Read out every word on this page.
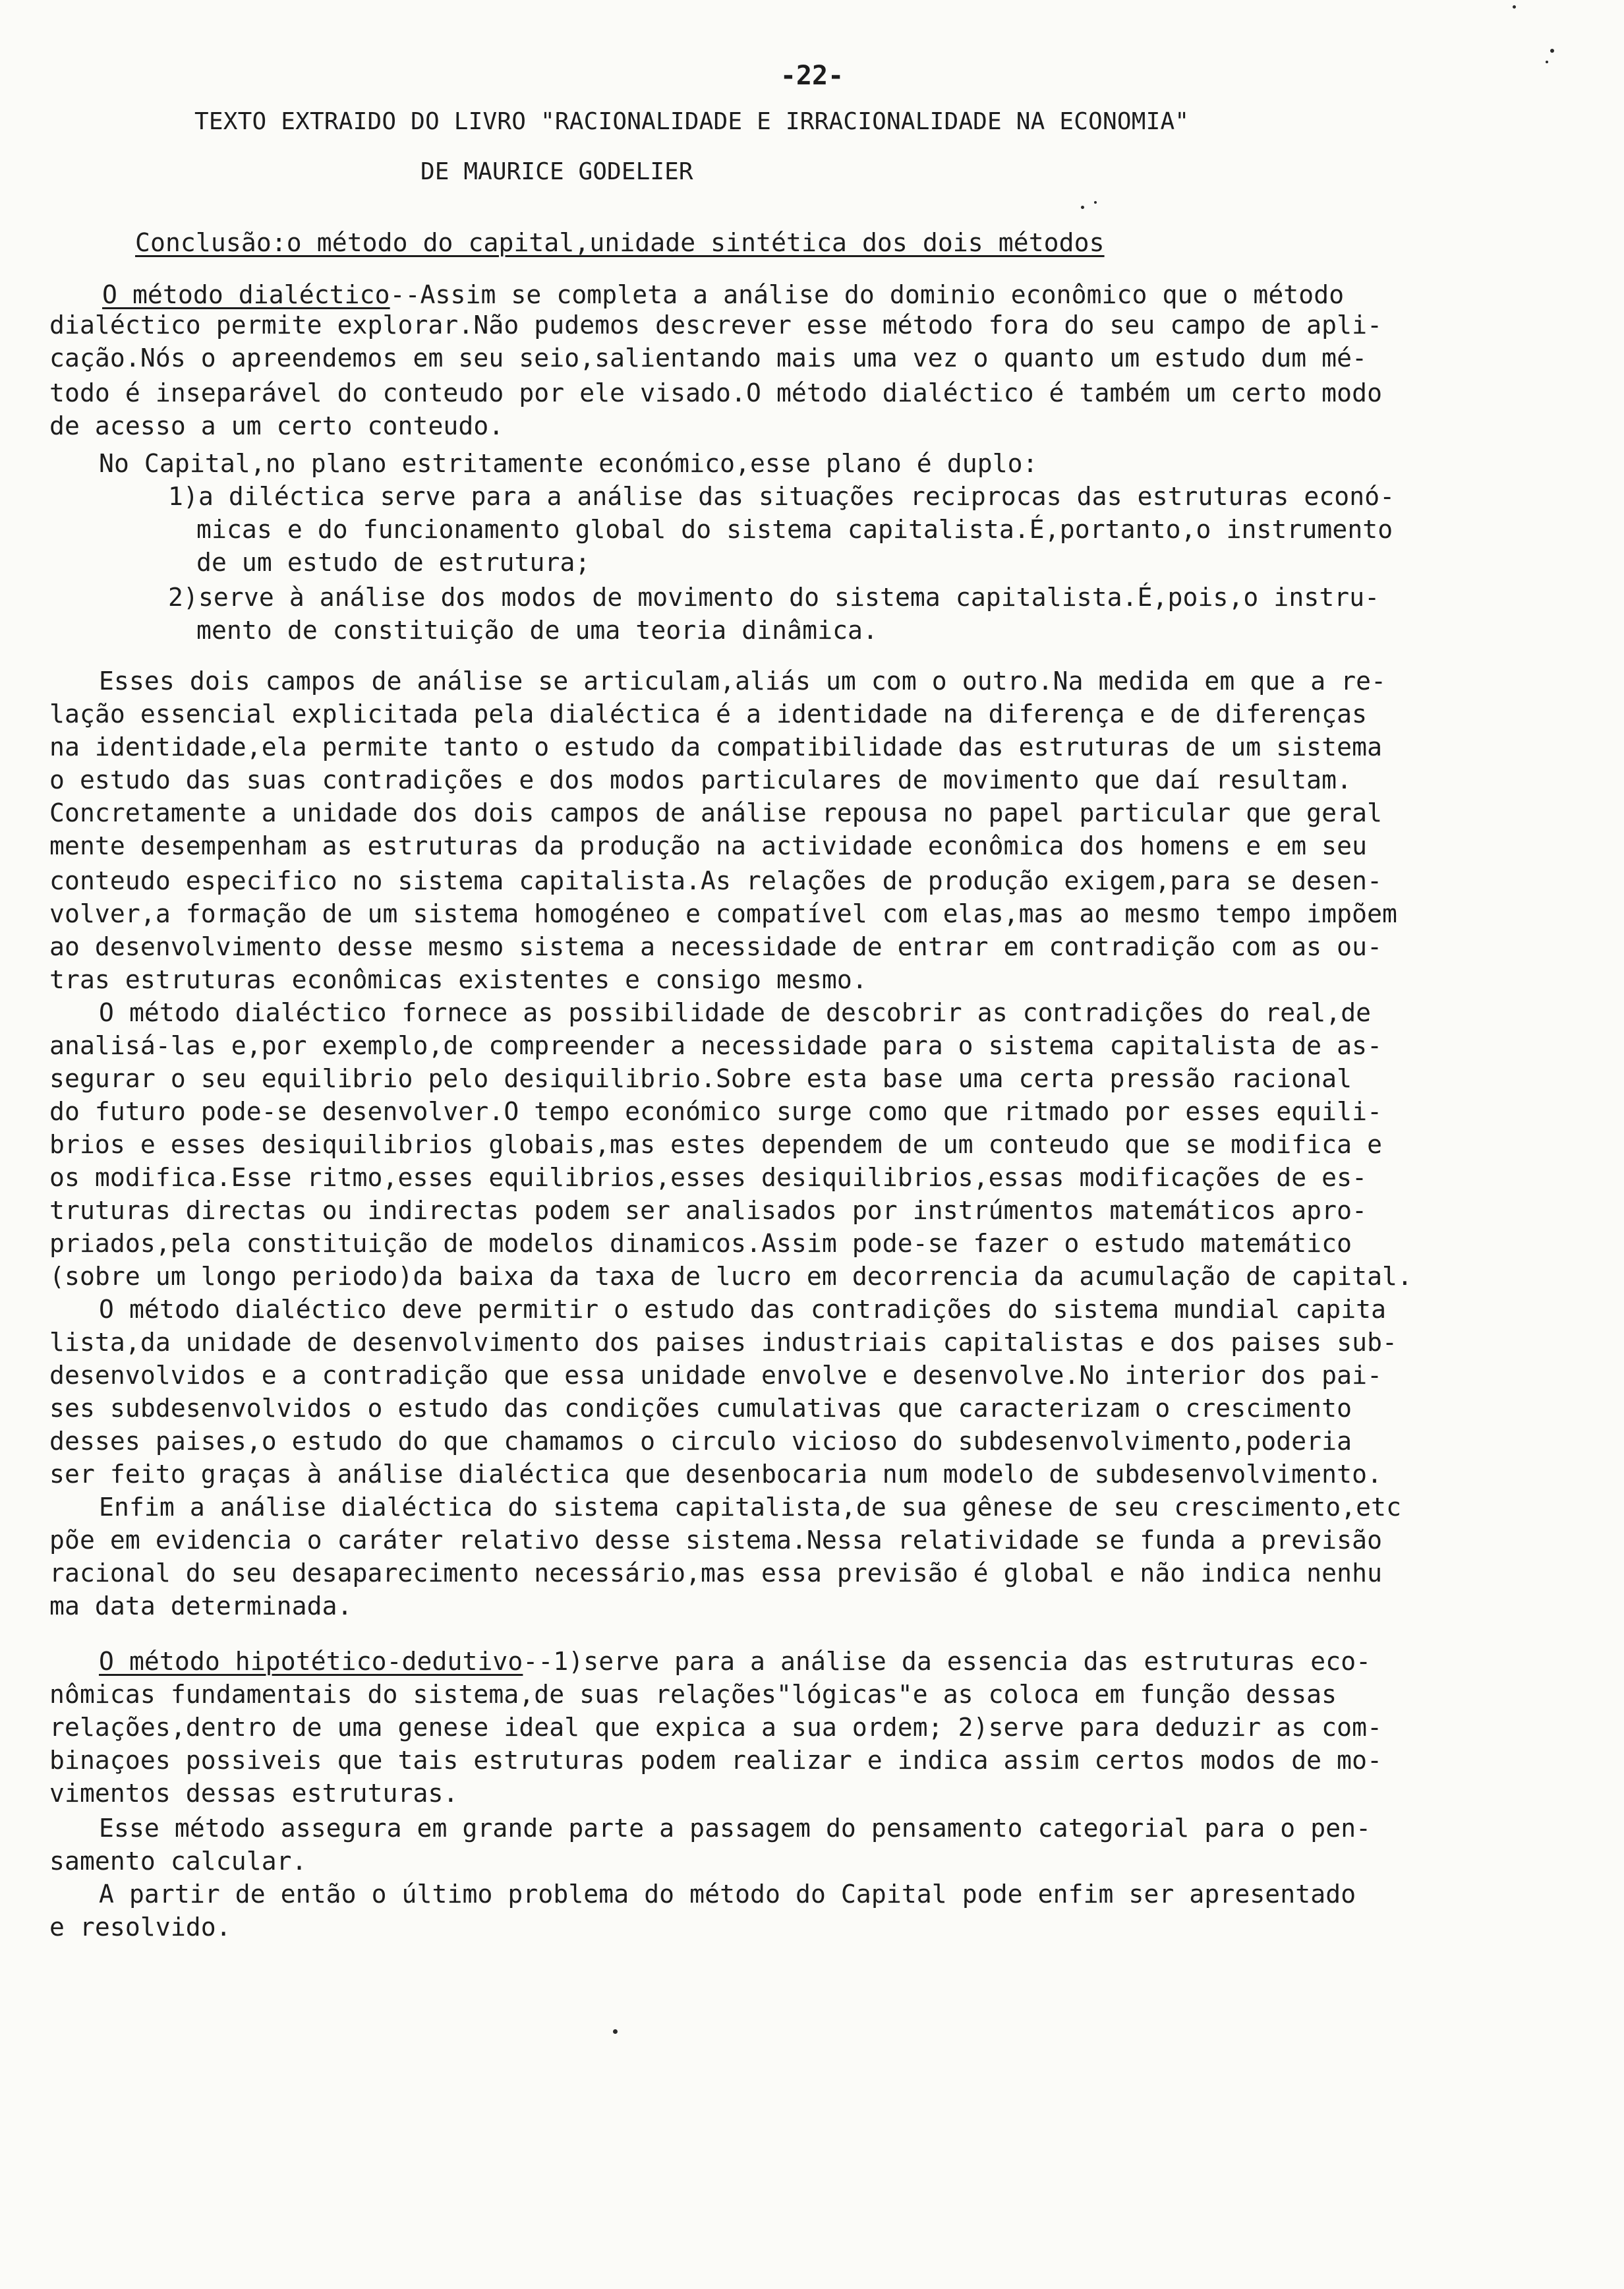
-22-
TEXTO EXTRAIDO DO LIVRO "RACIONALIDADE E IRRACIONALIDADE NA ECONOMIA"
DE MAURICE GODELIER
Conclusão:o método do capital,unidade sintética dos dois métodos
O método dialéctico--Assim se completa a análise do dominio econômico que o método
dialéctico permite explorar.Não pudemos descrever esse método fora do seu campo de apli-
cação.Nós o apreendemos em seu seio,salientando mais uma vez o quanto um estudo dum mé-
todo é inseparável do conteudo por ele visado.O método dialéctico é também um certo modo
de acesso a um certo conteudo.
No Capital,no plano estritamente económico,esse plano é duplo:
1)a diléctica serve para a análise das situações reciprocas das estruturas econó-
micas e do funcionamento global do sistema capitalista.É,portanto,o instrumento
de um estudo de estrutura;
2)serve à análise dos modos de movimento do sistema capitalista.É,pois,o instru-
mento de constituição de uma teoria dinâmica.
Esses dois campos de análise se articulam,aliás um com o outro.Na medida em que a re-
lação essencial explicitada pela dialéctica é a identidade na diferença e de diferenças
na identidade,ela permite tanto o estudo da compatibilidade das estruturas de um sistema
o estudo das suas contradições e dos modos particulares de movimento que daí resultam.
Concretamente a unidade dos dois campos de análise repousa no papel particular que geral
mente desempenham as estruturas da produção na actividade econômica dos homens e em seu
conteudo especifico no sistema capitalista.As relações de produção exigem,para se desen-
volver,a formação de um sistema homogéneo e compatível com elas,mas ao mesmo tempo impõem
ao desenvolvimento desse mesmo sistema a necessidade de entrar em contradição com as ou-
tras estruturas econômicas existentes e consigo mesmo.
O método dialéctico fornece as possibilidade de descobrir as contradições do real,de
analisá-las e,por exemplo,de compreender a necessidade para o sistema capitalista de as-
segurar o seu equilibrio pelo desiquilibrio.Sobre esta base uma certa pressão racional
do futuro pode-se desenvolver.O tempo económico surge como que ritmado por esses equili-
brios e esses desiquilibrios globais,mas estes dependem de um conteudo que se modifica e
os modifica.Esse ritmo,esses equilibrios,esses desiquilibrios,essas modificações de es-
truturas directas ou indirectas podem ser analisados por instrúmentos matemáticos apro-
priados,pela constituição de modelos dinamicos.Assim pode-se fazer o estudo matemático
(sobre um longo periodo)da baixa da taxa de lucro em decorrencia da acumulação de capital.
O método dialéctico deve permitir o estudo das contradições do sistema mundial capita
lista,da unidade de desenvolvimento dos paises industriais capitalistas e dos paises sub-
desenvolvidos e a contradição que essa unidade envolve e desenvolve.No interior dos pai-
ses subdesenvolvidos o estudo das condições cumulativas que caracterizam o crescimento
desses paises,o estudo do que chamamos o circulo vicioso do subdesenvolvimento,poderia
ser feito graças à análise dialéctica que desenbocaria num modelo de subdesenvolvimento.
Enfim a análise dialéctica do sistema capitalista,de sua gênese de seu crescimento,etc
põe em evidencia o caráter relativo desse sistema.Nessa relatividade se funda a previsão
racional do seu desaparecimento necessário,mas essa previsão é global e não indica nenhu
ma data determinada.
O método hipotético-dedutivo--1)serve para a análise da essencia das estruturas eco-
nômicas fundamentais do sistema,de suas relações"lógicas"e as coloca em função dessas
relações,dentro de uma genese ideal que expica a sua ordem; 2)serve para deduzir as com-
binaçoes possiveis que tais estruturas podem realizar e indica assim certos modos de mo-
vimentos dessas estruturas.
Esse método assegura em grande parte a passagem do pensamento categorial para o pen-
samento calcular.
A partir de então o último problema do método do Capital pode enfim ser apresentado
e resolvido.
